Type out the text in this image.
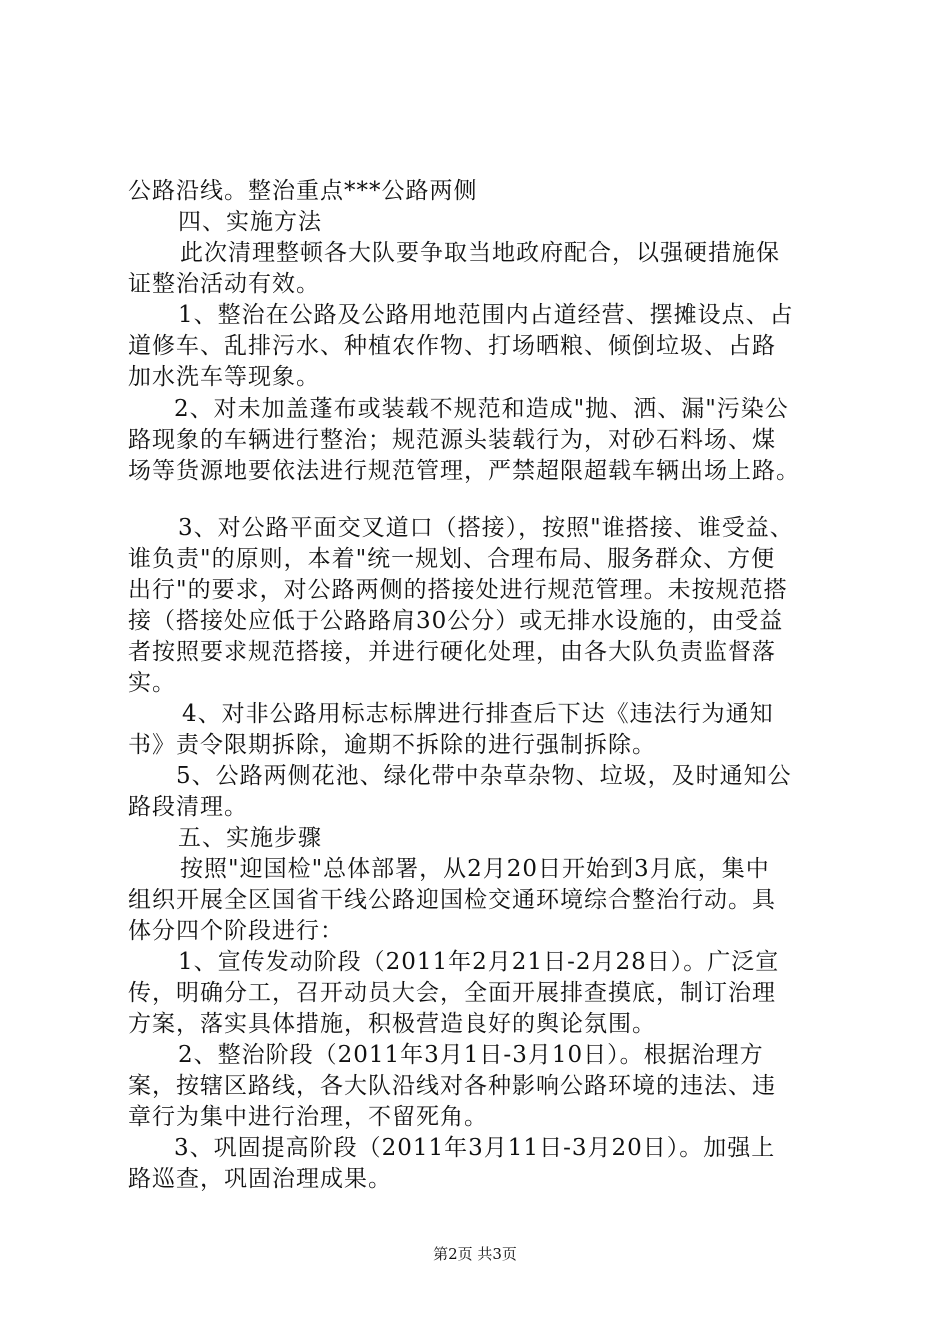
公路沿线。整治重点***公路两侧
四、实施方法
此次清理整顿各大队要争取当地政府配合，以强硬措施保
证整治活动有效。
1、整治在公路及公路用地范围内占道经营、摆摊设点、占
道修车、乱排污水、种植农作物、打场晒粮、倾倒垃圾、占路
加水洗车等现象。
2、对未加盖蓬布或装载不规范和造成"抛、洒、漏"污染公
路现象的车辆进行整治；规范源头装载行为，对砂石料场、煤
场等货源地要依法进行规范管理，严禁超限超载车辆出场上路。
3、对公路平面交叉道口（搭接），按照"谁搭接、谁受益、
谁负责"的原则，本着"统一规划、合理布局、服务群众、方便
出行"的要求，对公路两侧的搭接处进行规范管理。未按规范搭
接（搭接处应低于公路路肩30公分）或无排水设施的，由受益
者按照要求规范搭接，并进行硬化处理，由各大队负责监督落
实。
4、对非公路用标志标牌进行排查后下达《违法行为通知
书》责令限期拆除，逾期不拆除的进行强制拆除。
5、公路两侧花池、绿化带中杂草杂物、垃圾，及时通知公
路段清理。
五、实施步骤
按照"迎国检"总体部署，从2月20日开始到3月底，集中
组织开展全区国省干线公路迎国检交通环境综合整治行动。具
体分四个阶段进行：
1、宣传发动阶段（2011年2月21日-2月28日）。广泛宣
传，明确分工，召开动员大会，全面开展排查摸底，制订治理
方案，落实具体措施，积极营造良好的舆论氛围。
2、整治阶段（2011年3月1日-3月10日）。根据治理方
案，按辖区路线，各大队沿线对各种影响公路环境的违法、违
章行为集中进行治理，不留死角。
3、巩固提高阶段（2011年3月11日-3月20日）。加强上
路巡查，巩固治理成果。
第2页 共3页
